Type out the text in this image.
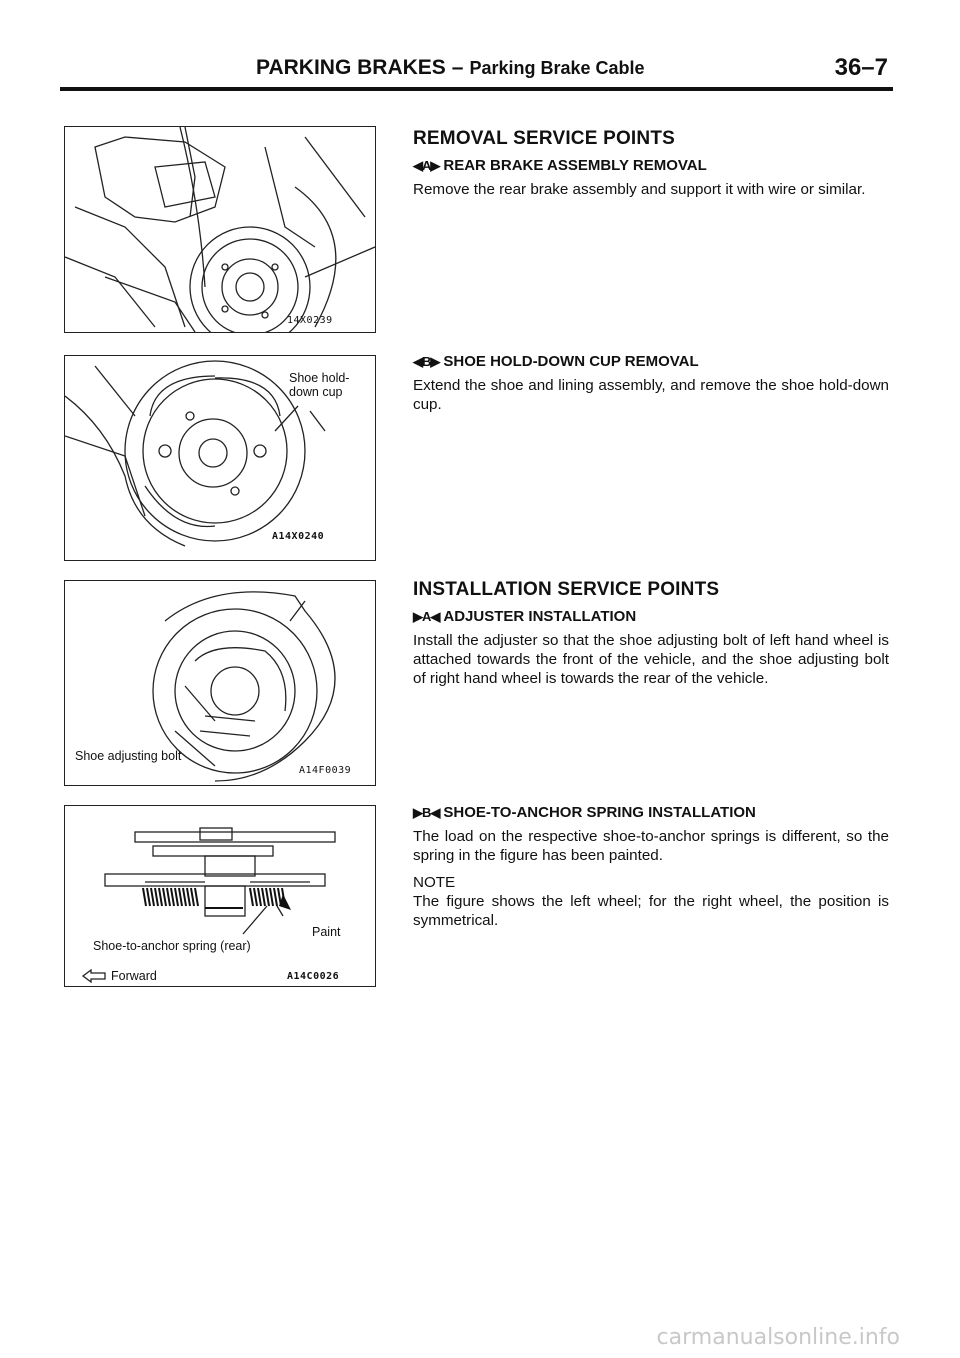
PARKING BRAKES – Parking Brake Cable	36–7
14X0239
Shoe hold- down cup
A14X0240
Shoe adjusting bolt
A14F0039
Paint
Shoe-to-anchor spring (rear)
Forward	A14C0026
REMOVAL SERVICE POINTS
◀A▶ REAR BRAKE ASSEMBLY REMOVAL

Remove the rear brake assembly and support it with wire or similar.

◀B▶ SHOE HOLD-DOWN CUP REMOVAL

Extend the shoe and lining assembly, and remove the shoe hold-down cup.

INSTALLATION SERVICE POINTS
▶A◀ ADJUSTER INSTALLATION

Install the adjuster so that the shoe adjusting bolt of left hand wheel is attached towards the front of the vehicle, and the shoe adjusting bolt of right hand wheel is towards the rear of the vehicle.

▶B◀ SHOE-TO-ANCHOR SPRING INSTALLATION

The load on the respective shoe-to-anchor springs is different, so the spring in the figure has been painted.

NOTE

The figure shows the left wheel; for the right wheel, the position is symmetrical.

carmanualsonline.info
